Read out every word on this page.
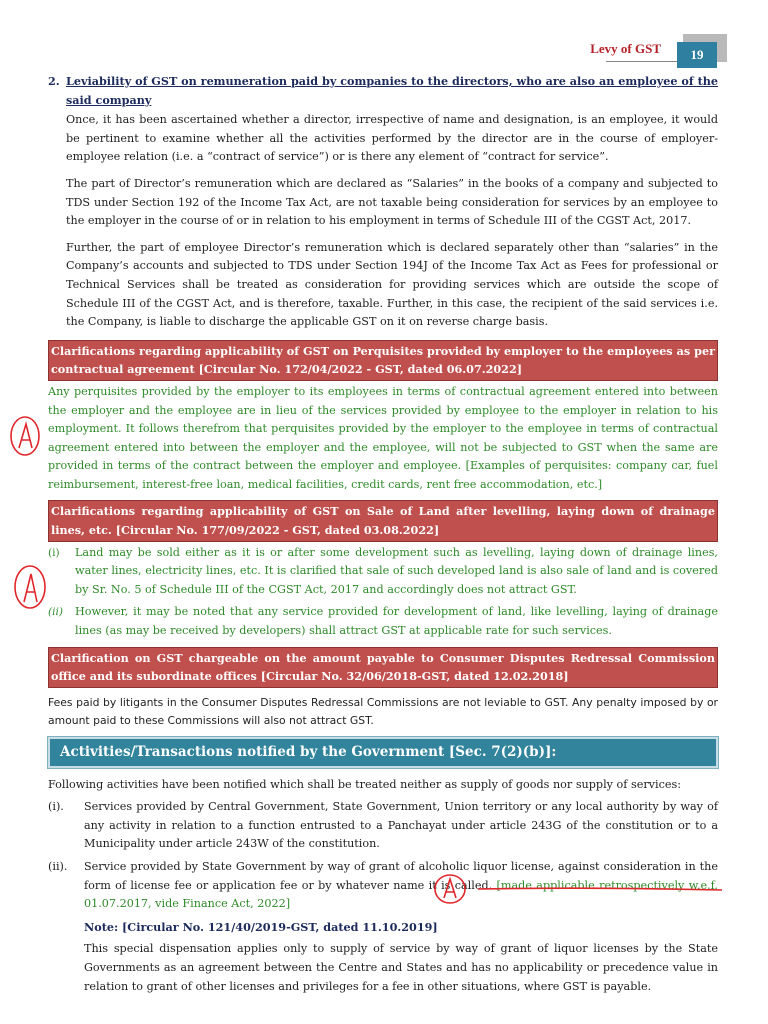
Levy of GST	19
2. Leviability of GST on remuneration paid by companies to the directors, who are also an employee of the said company

Once, it has been ascertained whether a director, irrespective of name and designation, is an employee, it would be pertinent to examine whether all the activities performed by the director are in the course of employer-employee relation (i.e. a “contract of service”) or is there any element of “contract for service”.

The part of Director’s remuneration which are declared as “Salaries” in the books of a company and subjected to TDS under Section 192 of the Income Tax Act, are not taxable being consideration for services by an employee to the employer in the course of or in relation to his employment in terms of Schedule III of the CGST Act, 2017.

Further, the part of employee Director’s remuneration which is declared separately other than “salaries” in the Company’s accounts and subjected to TDS under Section 194J of the Income Tax Act as Fees for professional or Technical Services shall be treated as consideration for providing services which are outside the scope of Schedule III of the CGST Act, and is therefore, taxable. Further, in this case, the recipient of the said services i.e. the Company, is liable to discharge the applicable GST on it on reverse charge basis.

Clarifications regarding applicability of GST on Perquisites provided by employer to the employees as per contractual agreement [Circular No. 172/04/2022 - GST, dated 06.07.2022]

Any perquisites provided by the employer to its employees in terms of contractual agreement entered into between the employer and the employee are in lieu of the services provided by employee to the employer in relation to his employment. It follows therefrom that perquisites provided by the employer to the employee in terms of contractual agreement entered into between the employer and the employee, will not be subjected to GST when the same are provided in terms of the contract between the employer and employee. [Examples of perquisites: company car, fuel reimbursement, interest-free loan, medical facilities, credit cards, rent free accommodation, etc.]

Clarifications regarding applicability of GST on Sale of Land after levelling, laying down of drainage lines, etc. [Circular No. 177/09/2022 - GST, dated 03.08.2022]
(i)	Land may be sold either as it is or after some development such as levelling, laying down of drainage lines, water lines, electricity lines, etc. It is clarified that sale of such developed land is also sale of land and is covered by Sr. No. 5 of Schedule III of the CGST Act, 2017 and accordingly does not attract GST.
(ii)	However, it may be noted that any service provided for development of land, like levelling, laying of drainage lines (as may be received by developers) shall attract GST at applicable rate for such services.
Clarification on GST chargeable on the amount payable to Consumer Disputes Redressal Commission office and its subordinate offices [Circular No. 32/06/2018-GST, dated 12.02.2018]

Fees paid by litigants in the Consumer Disputes Redressal Commissions are not leviable to GST. Any penalty imposed by or amount paid to these Commissions will also not attract GST.

Activities/Transactions notified by the Government [Sec. 7(2)(b)]:

Following activities have been notified which shall be treated neither as supply of goods nor supply of services:

(i).	Services provided by Central Government, State Government, Union territory or any local authority by way of any activity in relation to a function entrusted to a Panchayat under article 243G of the constitution or to a Municipality under article 243W of the constitution.
(ii).	Service provided by State Government by way of grant of alcoholic liquor license, against consideration in the form of license fee or application fee or by whatever name it is called. [made applicable retrospectively w.e.f. 01.07.2017, vide Finance Act, 2022]
Note: [Circular No. 121/40/2019-GST, dated 11.10.2019]

This special dispensation applies only to supply of service by way of grant of liquor licenses by the State Governments as an agreement between the Centre and States and has no applicability or precedence value in relation to grant of other licenses and privileges for a fee in other situations, where GST is payable.
